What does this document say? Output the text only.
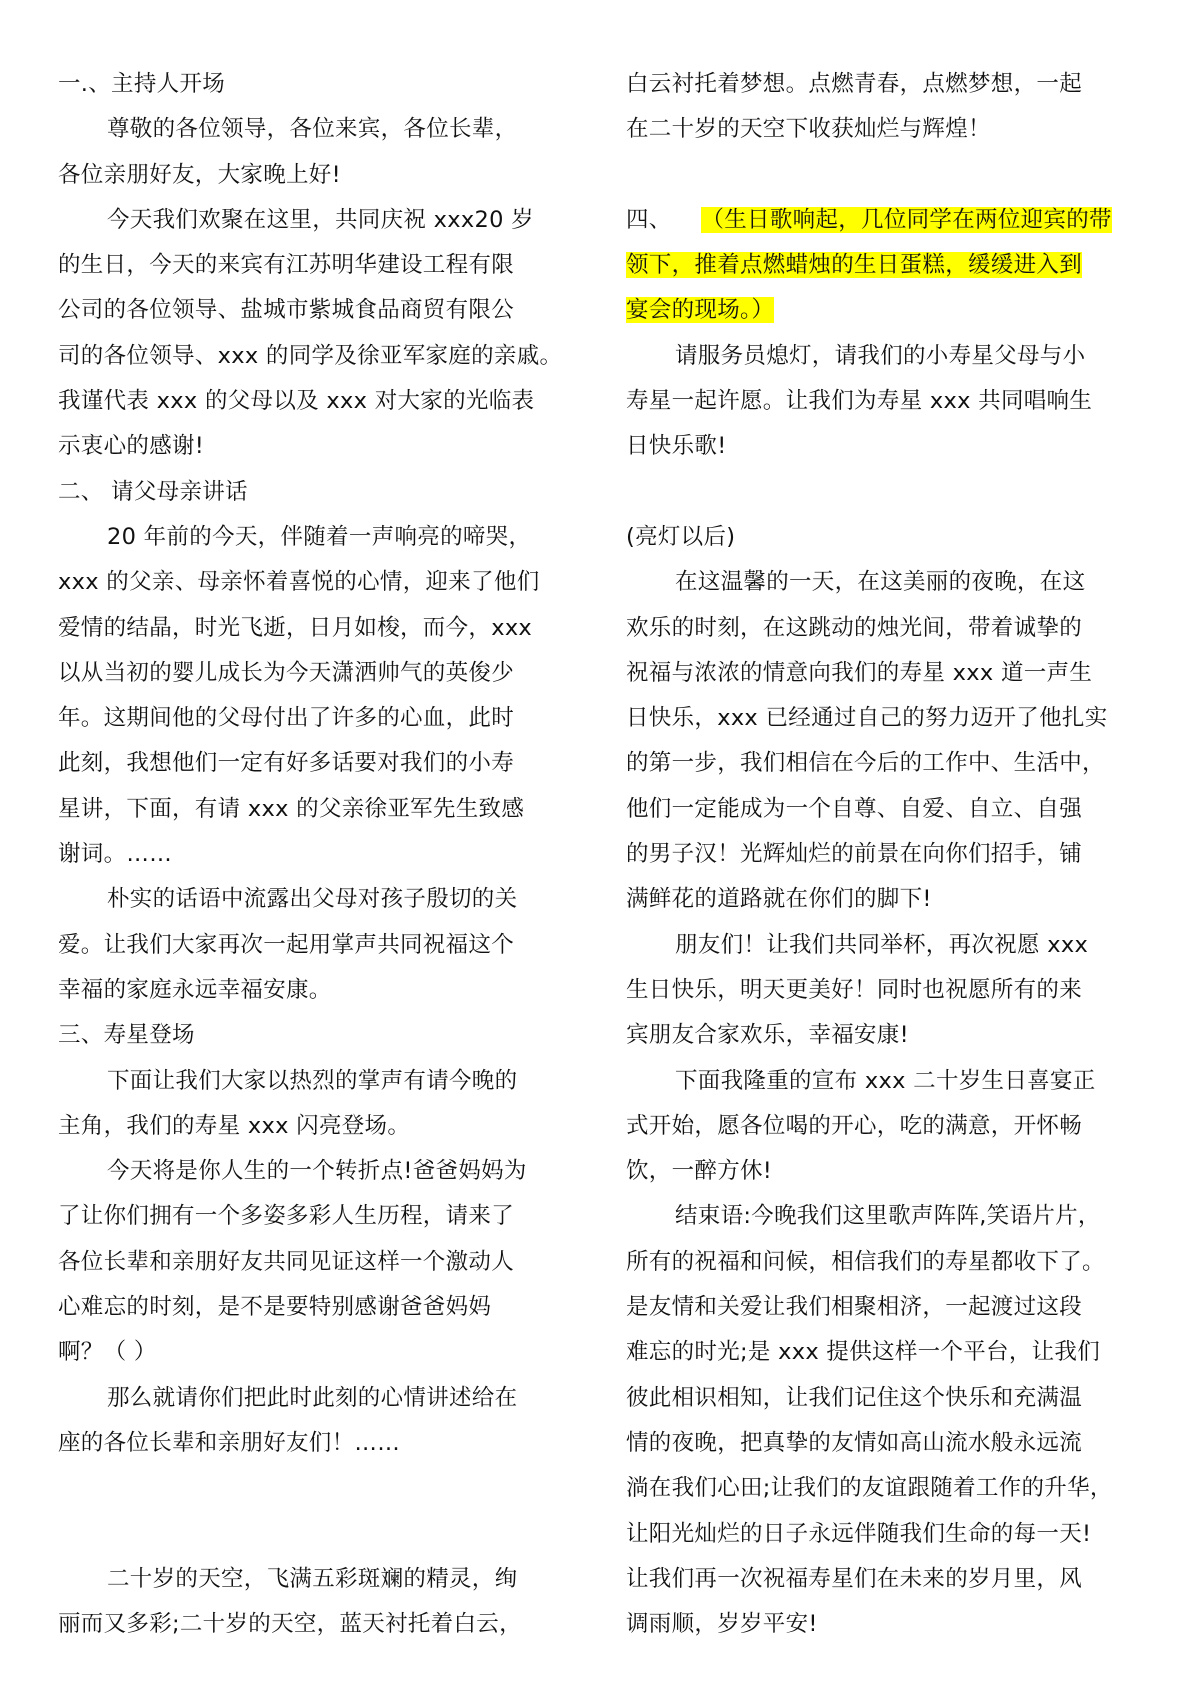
一.、主持人开场
尊敬的各位领导，各位来宾，各位长辈，
各位亲朋好友，大家晚上好!
今天我们欢聚在这里，共同庆祝 xxx20 岁
的生日，今天的来宾有江苏明华建设工程有限
公司的各位领导、盐城市紫城食品商贸有限公
司的各位领导、xxx 的同学及徐亚军家庭的亲戚。
我谨代表 xxx 的父母以及 xxx 对大家的光临表
示衷心的感谢!
二、 请父母亲讲话
20 年前的今天，伴随着一声响亮的啼哭，
xxx 的父亲、母亲怀着喜悦的心情，迎来了他们
爱情的结晶，时光飞逝，日月如梭，而今，xxx
以从当初的婴儿成长为今天潇洒帅气的英俊少
年。这期间他的父母付出了许多的心血，此时
此刻，我想他们一定有好多话要对我们的小寿
星讲，下面，有请 xxx 的父亲徐亚军先生致感
谢词。……
朴实的话语中流露出父母对孩子殷切的关
爱。让我们大家再次一起用掌声共同祝福这个
幸福的家庭永远幸福安康。
三、寿星登场
下面让我们大家以热烈的掌声有请今晚的
主角，我们的寿星 xxx 闪亮登场。
今天将是你人生的一个转折点!爸爸妈妈为
了让你们拥有一个多姿多彩人生历程，请来了
各位长辈和亲朋好友共同见证这样一个激动人
心难忘的时刻，是不是要特别感谢爸爸妈妈
啊？（ ）
那么就请你们把此时此刻的心情讲述给在
座的各位长辈和亲朋好友们！……
二十岁的天空，飞满五彩斑斓的精灵，绚
丽而又多彩;二十岁的天空，蓝天衬托着白云，
白云衬托着梦想。点燃青春，点燃梦想，一起
在二十岁的天空下收获灿烂与辉煌！
四、 （生日歌响起，几位同学在两位迎宾的带
领下，推着点燃蜡烛的生日蛋糕，缓缓进入到
宴会的现场。）
请服务员熄灯，请我们的小寿星父母与小
寿星一起许愿。让我们为寿星 xxx 共同唱响生
日快乐歌!
(亮灯以后)
在这温馨的一天，在这美丽的夜晚，在这
欢乐的时刻，在这跳动的烛光间，带着诚挚的
祝福与浓浓的情意向我们的寿星 xxx 道一声生
日快乐，xxx 已经通过自己的努力迈开了他扎实
的第一步，我们相信在今后的工作中、生活中，
他们一定能成为一个自尊、自爱、自立、自强
的男子汉！光辉灿烂的前景在向你们招手，铺
满鲜花的道路就在你们的脚下!
朋友们！让我们共同举杯，再次祝愿 xxx
生日快乐，明天更美好！同时也祝愿所有的来
宾朋友合家欢乐，幸福安康!
下面我隆重的宣布 xxx 二十岁生日喜宴正
式开始，愿各位喝的开心，吃的满意，开怀畅
饮，一醉方休!
结束语:今晚我们这里歌声阵阵,笑语片片，
所有的祝福和问候，相信我们的寿星都收下了。
是友情和关爱让我们相聚相济，一起渡过这段
难忘的时光;是 xxx 提供这样一个平台，让我们
彼此相识相知，让我们记住这个快乐和充满温
情的夜晚，把真挚的友情如高山流水般永远流
淌在我们心田;让我们的友谊跟随着工作的升华，
让阳光灿烂的日子永远伴随我们生命的每一天!
让我们再一次祝福寿星们在未来的岁月里，风
调雨顺，岁岁平安!
